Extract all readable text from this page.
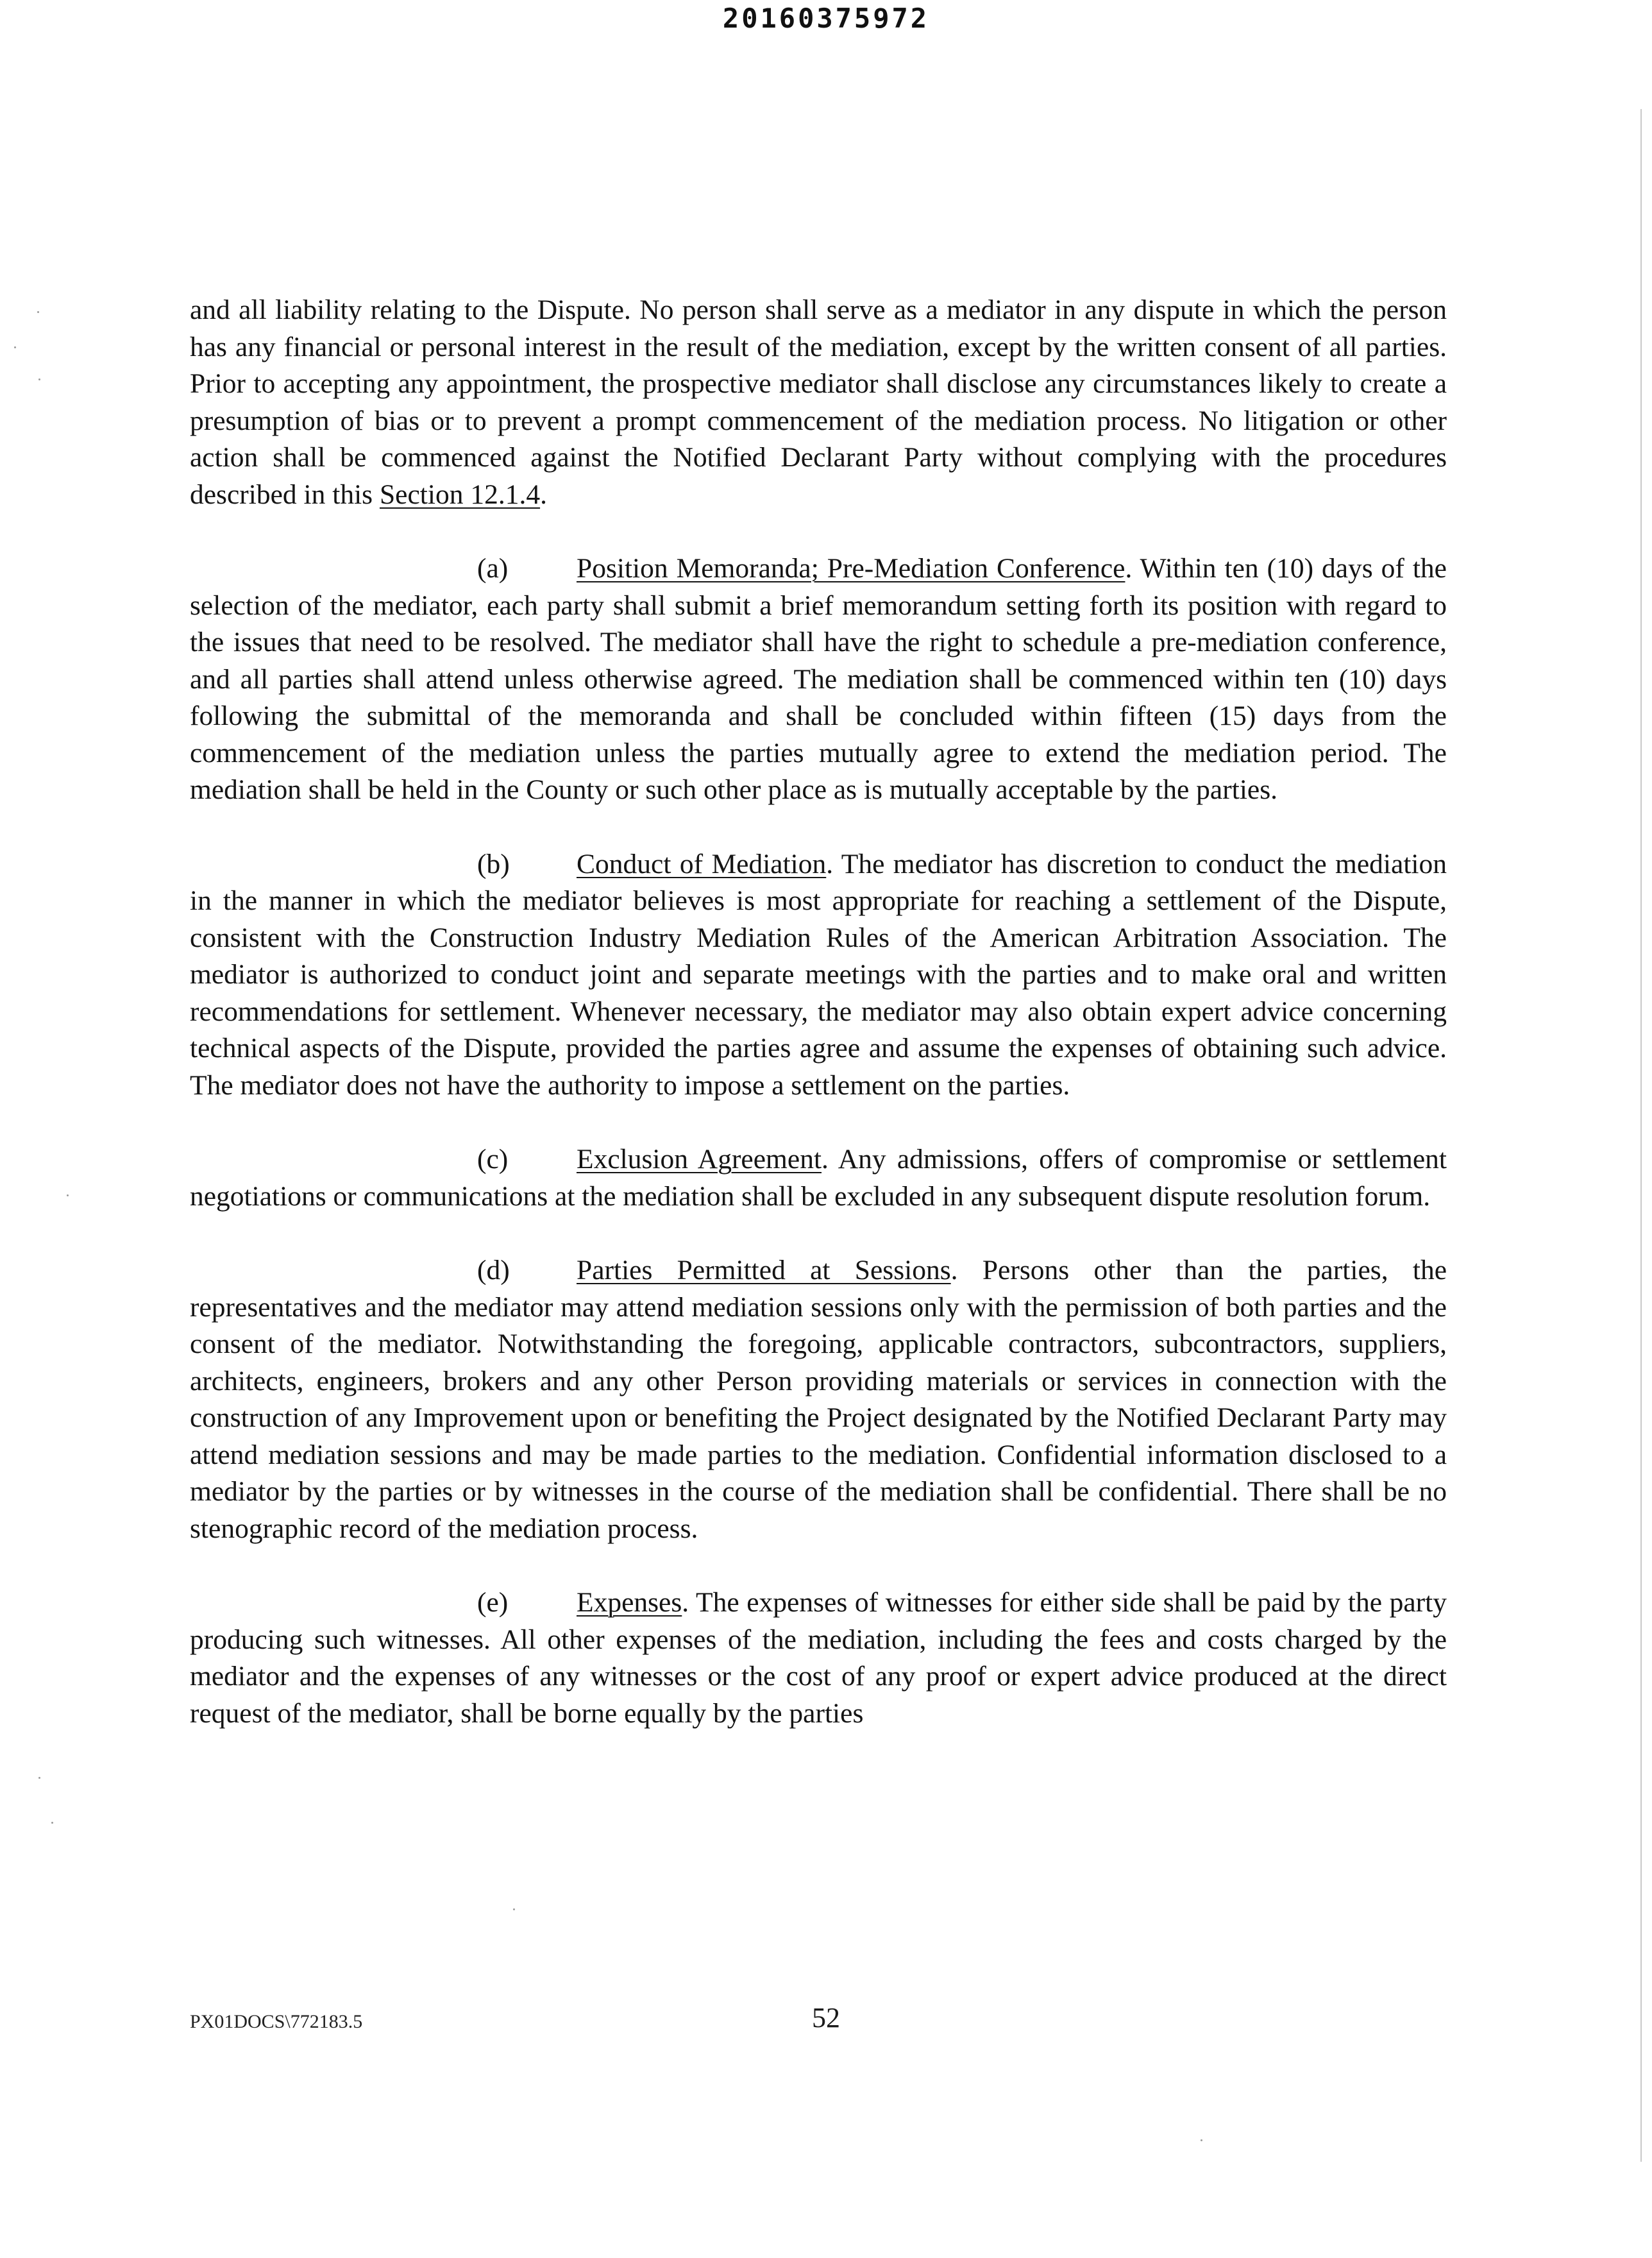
20160375972

and all liability relating to the Dispute. No person shall serve as a mediator in any dispute in which the person has any financial or personal interest in the result of the mediation, except by the written consent of all parties. Prior to accepting any appointment, the prospective mediator shall disclose any circumstances likely to create a presumption of bias or to prevent a prompt commencement of the mediation process. No litigation or other action shall be commenced against the Notified Declarant Party without complying with the procedures described in this Section 12.1.4.

(a) Position Memoranda; Pre-Mediation Conference. Within ten (10) days of the selection of the mediator, each party shall submit a brief memorandum setting forth its position with regard to the issues that need to be resolved. The mediator shall have the right to schedule a pre-mediation conference, and all parties shall attend unless otherwise agreed. The mediation shall be commenced within ten (10) days following the submittal of the memoranda and shall be concluded within fifteen (15) days from the commencement of the mediation unless the parties mutually agree to extend the mediation period. The mediation shall be held in the County or such other place as is mutually acceptable by the parties.

(b) Conduct of Mediation. The mediator has discretion to conduct the mediation in the manner in which the mediator believes is most appropriate for reaching a settlement of the Dispute, consistent with the Construction Industry Mediation Rules of the American Arbitration Association. The mediator is authorized to conduct joint and separate meetings with the parties and to make oral and written recommendations for settlement. Whenever necessary, the mediator may also obtain expert advice concerning technical aspects of the Dispute, provided the parties agree and assume the expenses of obtaining such advice. The mediator does not have the authority to impose a settlement on the parties.

(c) Exclusion Agreement. Any admissions, offers of compromise or settlement negotiations or communications at the mediation shall be excluded in any subsequent dispute resolution forum.

(d) Parties Permitted at Sessions. Persons other than the parties, the representatives and the mediator may attend mediation sessions only with the permission of both parties and the consent of the mediator. Notwithstanding the foregoing, applicable contractors, subcontractors, suppliers, architects, engineers, brokers and any other Person providing materials or services in connection with the construction of any Improvement upon or benefiting the Project designated by the Notified Declarant Party may attend mediation sessions and may be made parties to the mediation. Confidential information disclosed to a mediator by the parties or by witnesses in the course of the mediation shall be confidential. There shall be no stenographic record of the mediation process.

(e) Expenses. The expenses of witnesses for either side shall be paid by the party producing such witnesses. All other expenses of the mediation, including the fees and costs charged by the mediator and the expenses of any witnesses or the cost of any proof or expert advice produced at the direct request of the mediator, shall be borne equally by the parties

PX01DOCS\772183.5	52
